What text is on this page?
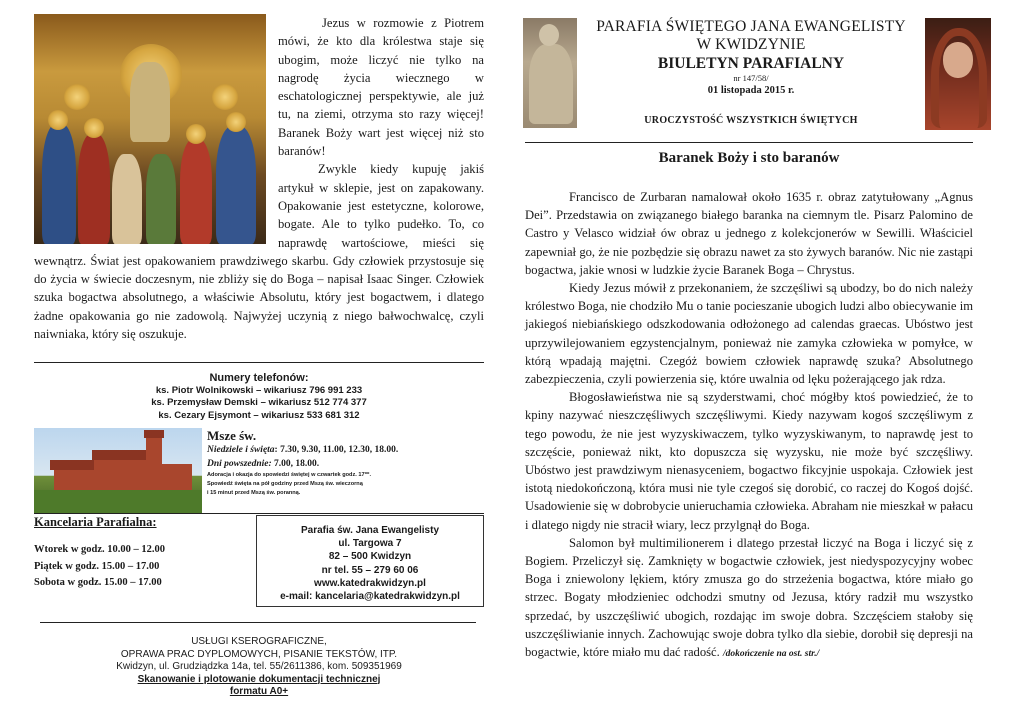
Jezus w rozmowie z Piotrem mówi, że kto dla królestwa staje się ubogim, może liczyć nie tylko na nagrodę życia wiecznego w eschatologicznej perspektywie, ale już tu, na ziemi, otrzyma sto razy więcej! Baranek Boży wart jest więcej niż sto baranów!

Zwykle kiedy kupuję jakiś artykuł w sklepie, jest on zapakowany. Opakowanie jest estetyczne, kolorowe, bogate. Ale to tylko pudełko. To, co naprawdę wartościowe, mieści się wewnątrz. Świat jest opakowaniem prawdziwego skarbu. Gdy człowiek przystosuje się do życia w świecie doczesnym, nie zbliży się do Boga – napisał Isaac Singer. Człowiek szuka bogactwa absolutnego, a właściwie Absolutu, który jest bogactwem, i dlatego żadne opakowania go nie zadowolą. Najwyżej uczynią z niego bałwochwalcę, czyli naiwniaka, który się oszukuje.

Numery telefonów:
ks. Piotr Wolnikowski – wikariusz 796 991 233
ks. Przemysław Demski – wikariusz 512 774 377
ks. Cezary Ejsymont – wikariusz 533 681 312
Msze św.
Niedziele i święta: 7.30, 9.30, 11.00, 12.30, 18.00.
Dni powszednie: 7.00, 18.00.
Adoracja i okazja do spowiedzi świętej w czwartek godz. 17⁰⁰.
Spowiedź święta na pół godziny przed Mszą św. wieczorną
i 15 minut przed Mszą św. poranną.
Kancelaria Parafialna:
Wtorek w godz. 10.00 – 12.00
Piątek w godz. 15.00 – 17.00
Sobota w godz. 15.00 – 17.00
Parafia św. Jana Ewangelisty
ul. Targowa 7
82 – 500 Kwidzyn
nr tel. 55 – 279 60 06
www.katedrakwidzyn.pl
e-mail: kancelaria@katedrakwidzyn.pl
USŁUGI KSEROGRAFICZNE,
OPRAWA PRAC DYPLOMOWYCH, PISANIE TEKSTÓW, ITP.
Kwidzyn, ul. Grudziądzka 14a, tel. 55/2611386, kom. 509351969
Skanowanie i plotowanie dokumentacji technicznej
formatu A0+
PARAFIA ŚWIĘTEGO JANA EWANGELISTY
W KWIDZYNIE
BIULETYN PARAFIALNY
nr 147/58/
01 listopada 2015 r.
UROCZYSTOŚĆ WSZYSTKICH ŚWIĘTYCH
Baranek Boży i sto baranów

Francisco de Zurbaran namalował około 1635 r. obraz zatytułowany „Agnus Dei”. Przedstawia on związanego białego baranka na ciemnym tle. Pisarz Palomino de Castro y Velasco widział ów obraz u jednego z kolekcjonerów w Sewilli. Właściciel zapewniał go, że nie pozbędzie się obrazu nawet za sto żywych baranów. Nic nie zastąpi bogactwa, jakie wnosi w ludzkie życie Baranek Boga – Chrystus.

Kiedy Jezus mówił z przekonaniem, że szczęśliwi są ubodzy, bo do nich należy królestwo Boga, nie chodziło Mu o tanie pocieszanie ubogich ludzi albo obiecywanie im jakiegoś niebiańskiego odszkodowania odłożonego ad calendas graecas. Ubóstwo jest uprzywilejowaniem egzystencjalnym, ponieważ nie zamyka człowieka w pomyłce, w którą wpadają majętni. Czegóż bowiem człowiek naprawdę szuka? Absolutnego zabezpieczenia, czyli powierzenia się, które uwalnia od lęku pożerającego jak rdza.

Błogosławieństwa nie są szyderstwami, choć mógłby ktoś powiedzieć, że to kpiny nazywać nieszczęśliwych szczęśliwymi. Kiedy nazywam kogoś szczęśliwym z tego powodu, że nie jest wyzyskiwaczem, tylko wyzyskiwanym, to naprawdę jest to szczęście, ponieważ nikt, kto dopuszcza się wyzysku, nie może być szczęśliwy. Ubóstwo jest prawdziwym nienasyceniem, bogactwo fikcyjnie uspokaja. Człowiek jest istotą niedokończoną, która musi nie tyle czegoś się dorobić, co raczej do Kogoś dojść. Usadowienie się w dobrobycie unieruchamia człowieka. Abraham nie mieszkał w pałacu i dlatego nigdy nie stracił wiary, lecz przylgnął do Boga.

Salomon był multimilionerem i dlatego przestał liczyć na Boga i liczyć się z Bogiem. Przeliczył się. Zamknięty w bogactwie człowiek, jest niedyspozycyjny wobec Boga i zniewolony lękiem, który zmusza go do strzeżenia bogactwa, które miało go strzec. Bogaty młodzieniec odchodzi smutny od Jezusa, który radził mu wszystko sprzedać, by uszczęśliwić ubogich, rozdając im swoje dobra. Szczęściem stałoby się uszczęśliwianie innych. Zachowując swoje dobra tylko dla siebie, dorobił się depresji na bogactwie, które miało mu dać radość. /dokończenie na ost. str./
